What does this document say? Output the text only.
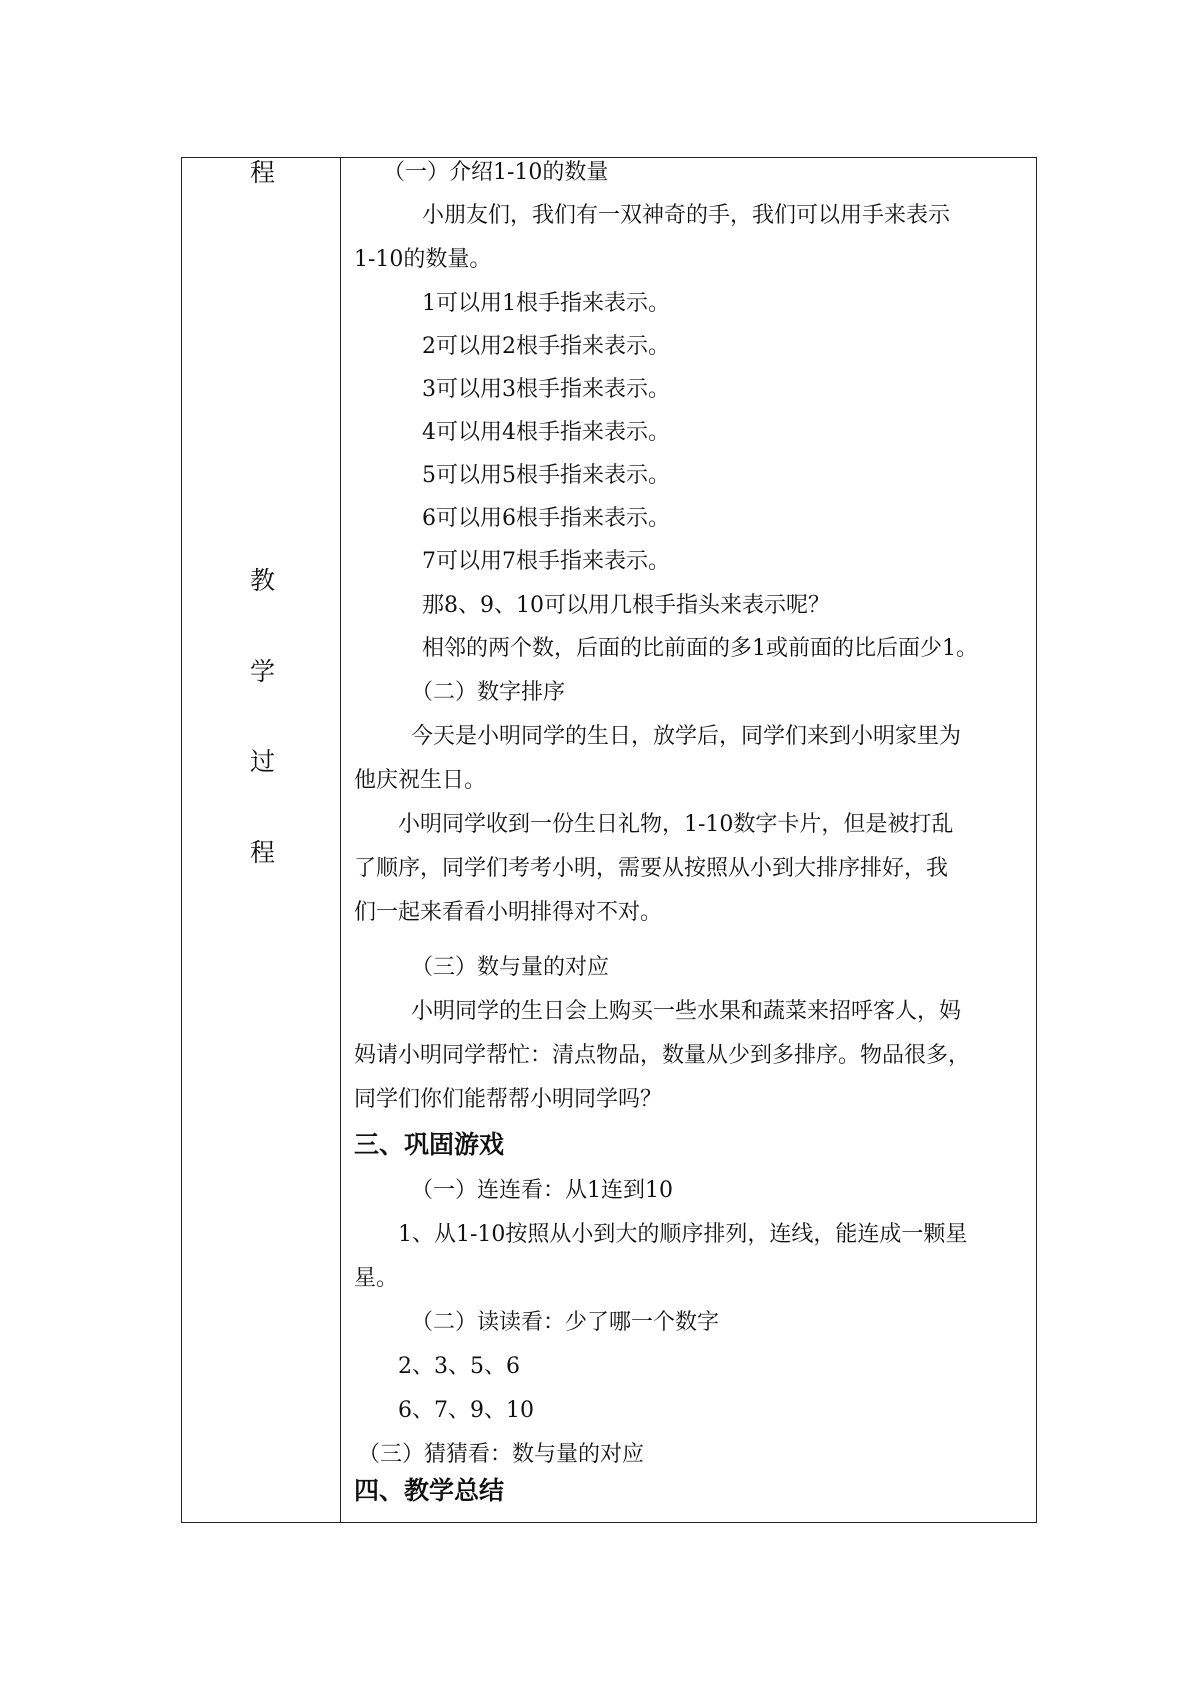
程
教
学
过
程
（一）介绍1-10的数量
小朋友们，我们有一双神奇的手，我们可以用手来表示
1-10的数量。
1可以用1根手指来表示。
2可以用2根手指来表示。
3可以用3根手指来表示。
4可以用4根手指来表示。
5可以用5根手指来表示。
6可以用6根手指来表示。
7可以用7根手指来表示。
那8、9、10可以用几根手指头来表示呢？
相邻的两个数，后面的比前面的多1或前面的比后面少1。
（二）数字排序
今天是小明同学的生日，放学后，同学们来到小明家里为
他庆祝生日。
小明同学收到一份生日礼物，1-10数字卡片，但是被打乱
了顺序，同学们考考小明，需要从按照从小到大排序排好，我
们一起来看看小明排得对不对。
（三）数与量的对应
小明同学的生日会上购买一些水果和蔬菜来招呼客人，妈
妈请小明同学帮忙：清点物品，数量从少到多排序。物品很多，
同学们你们能帮帮小明同学吗？
三、巩固游戏
（一）连连看：从1连到10
1、从1-10按照从小到大的顺序排列，连线，能连成一颗星
星。
（二）读读看：少了哪一个数字
2、3、5、6
6、7、9、10
（三）猜猜看：数与量的对应
四、教学总结
